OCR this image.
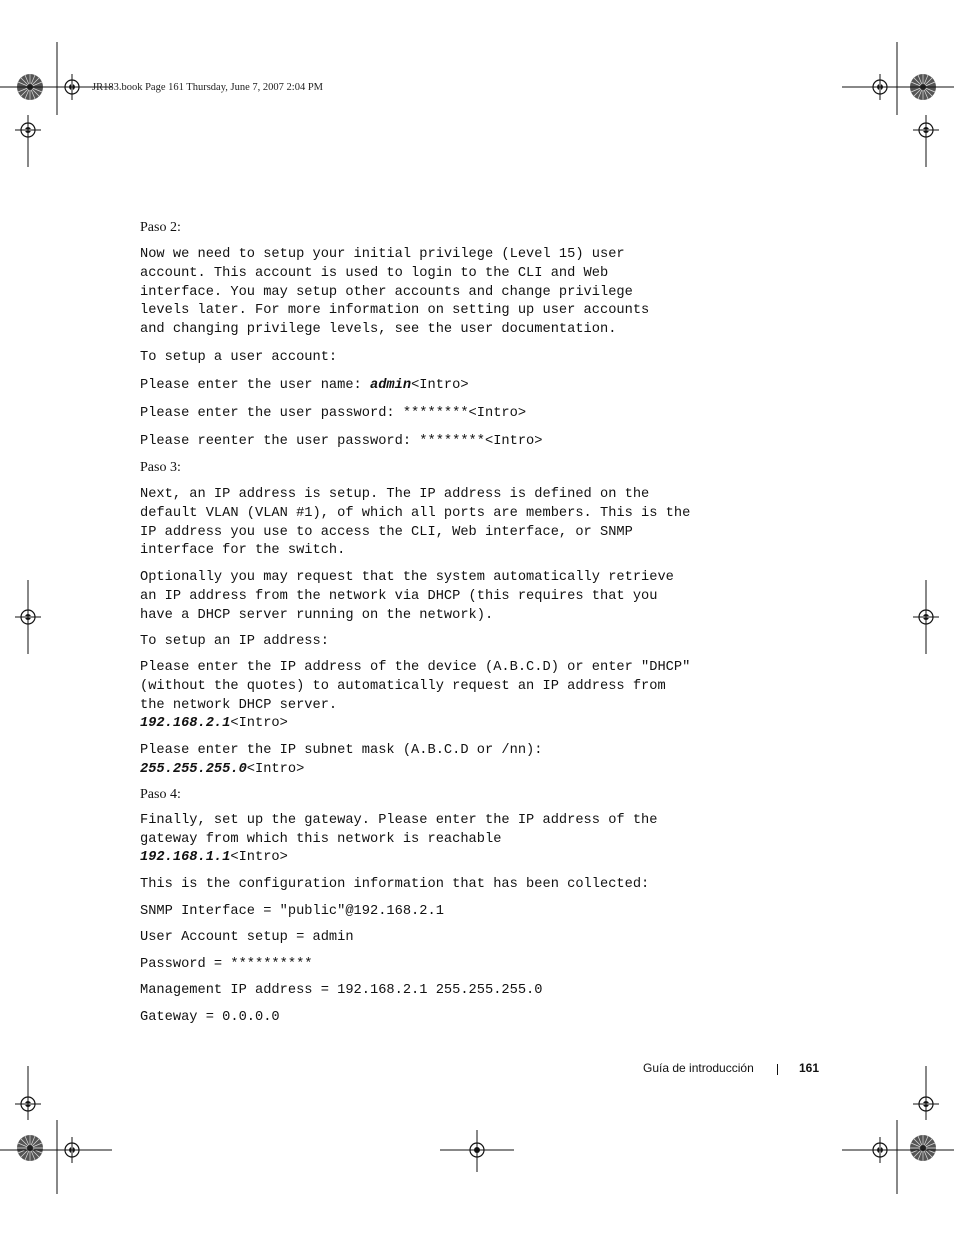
JR183.book Page 161 Thursday, June 7, 2007 2:04 PM
Paso 2:
Now we need to setup your initial privilege (Level 15) user
account. This account is used to login to the CLI and Web
interface. You may setup other accounts and change privilege
levels later. For more information on setting up user accounts
and changing privilege levels, see the user documentation.
To setup a user account:
Please enter the user name: admin<Intro>
Please enter the user password: ********<Intro>
Please reenter the user password: ********<Intro>
Paso 3:
Next, an IP address is setup. The IP address is defined on the
default VLAN (VLAN #1), of which all ports are members. This is the
IP address you use to access the CLI, Web interface, or SNMP
interface for the switch.
Optionally you may request that the system automatically retrieve
an IP address from the network via DHCP (this requires that you
have a DHCP server running on the network).
To setup an IP address:
Please enter the IP address of the device (A.B.C.D) or enter "DHCP"
(without the quotes) to automatically request an IP address from
the network DHCP server.
192.168.2.1<Intro>
Please enter the IP subnet mask (A.B.C.D or /nn):
255.255.255.0<Intro>
Paso 4:
Finally, set up the gateway. Please enter the IP address of the
gateway from which this network is reachable
192.168.1.1<Intro>
This is the configuration information that has been collected:
SNMP Interface = "public"@192.168.2.1
User Account setup = admin
Password = **********
Management IP address = 192.168.2.1 255.255.255.0
Gateway = 0.0.0.0
Guía de introducción	161
